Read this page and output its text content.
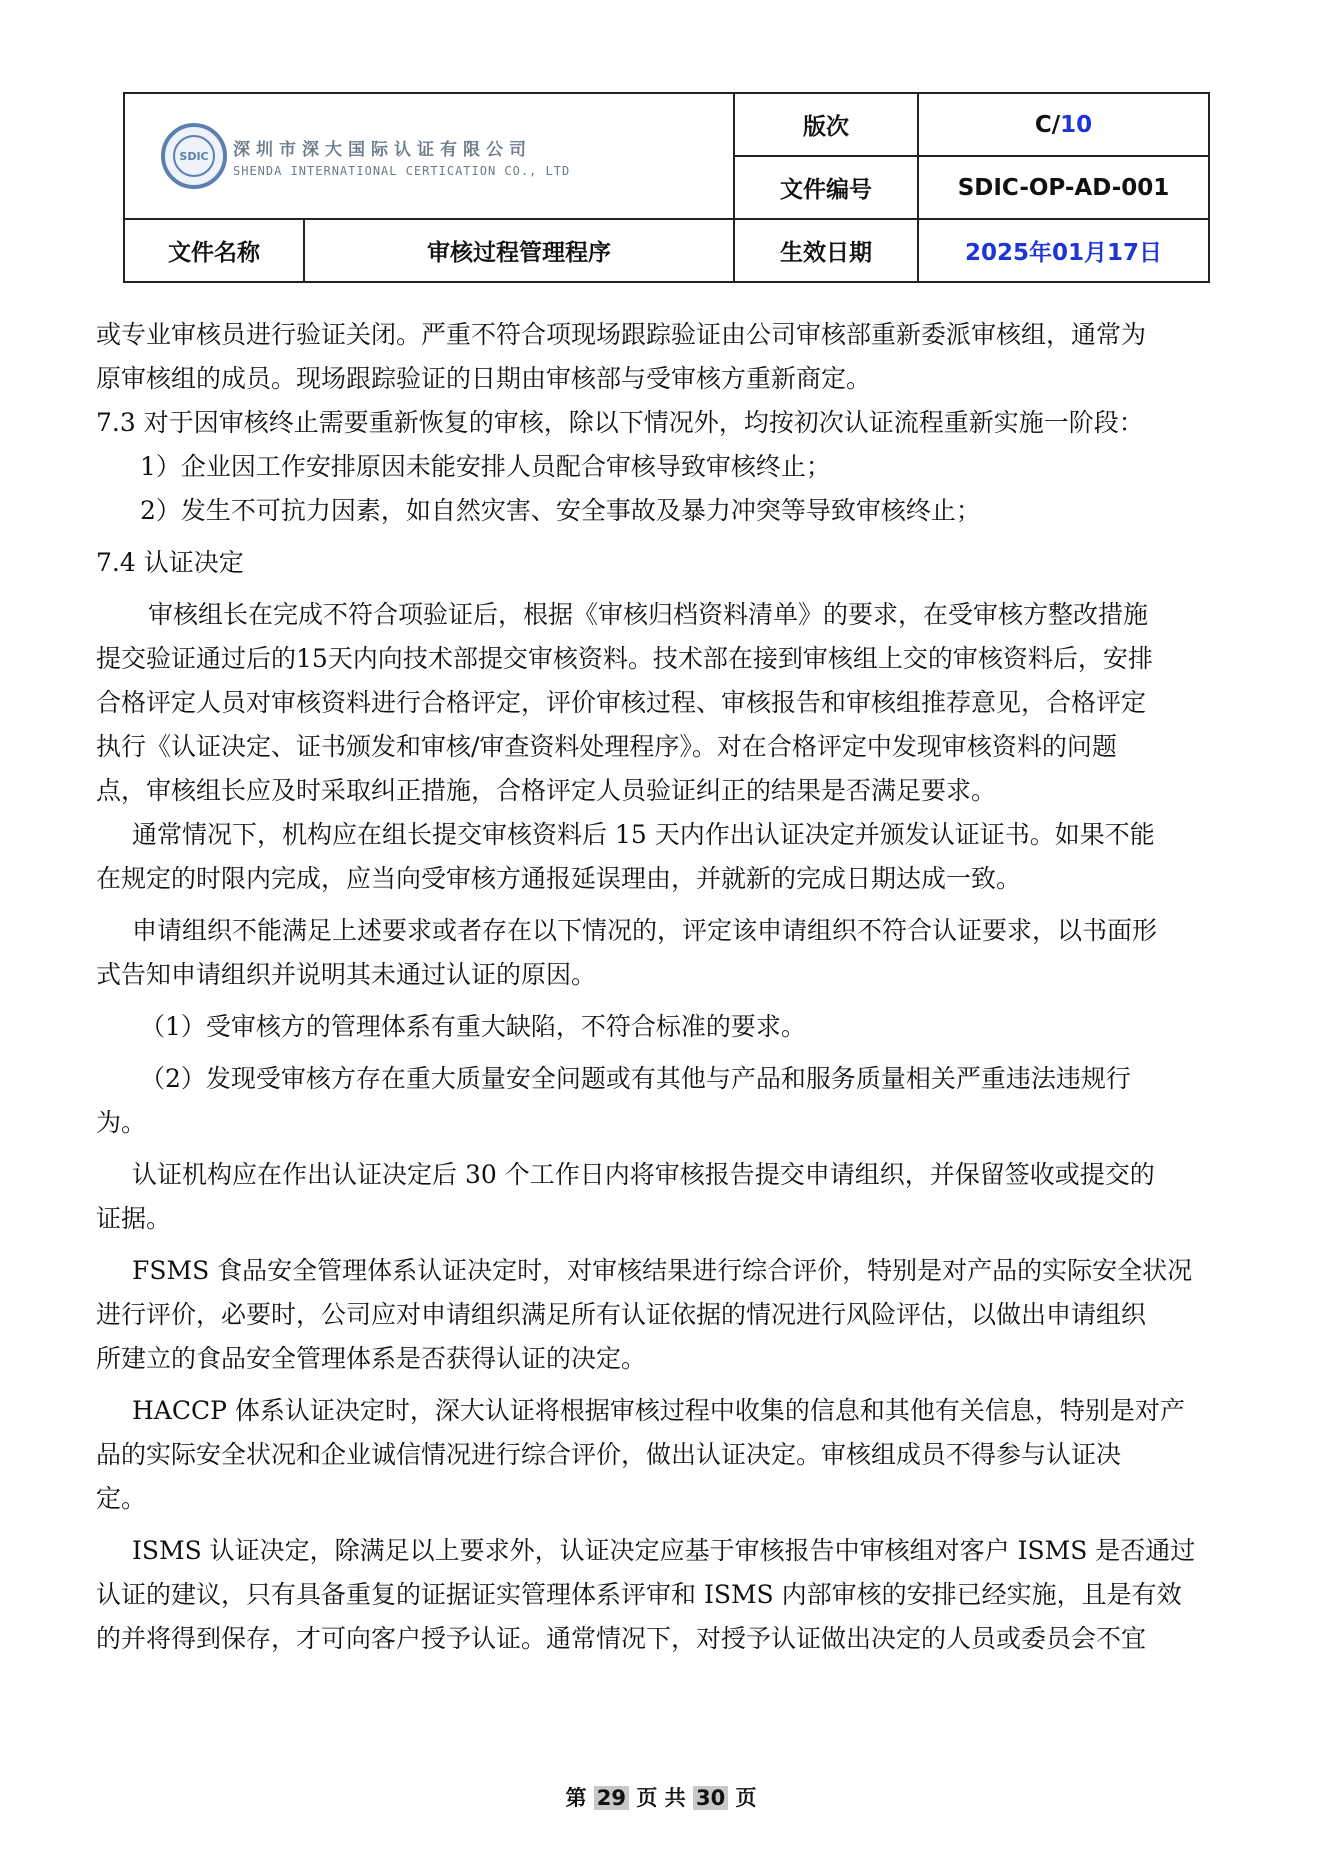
SDIC 深圳市深大国际认证有限公司
SHENDA INTERNATIONAL CERTICATION CO., LTD		版次	C/10
		文件编号	SDIC-OP-AD-001
文件名称	审核过程管理程序	生效日期	2025年01月17日

或专业审核员进行验证关闭。严重不符合项现场跟踪验证由公司审核部重新委派审核组，通常为

原审核组的成员。现场跟踪验证的日期由审核部与受审核方重新商定。

7.3 对于因审核终止需要重新恢复的审核，除以下情况外，均按初次认证流程重新实施一阶段：

1）企业因工作安排原因未能安排人员配合审核导致审核终止；

2）发生不可抗力因素，如自然灾害、安全事故及暴力冲突等导致审核终止；

7.4 认证决定

审核组长在完成不符合项验证后，根据《审核归档资料清单》的要求，在受审核方整改措施

提交验证通过后的15天内向技术部提交审核资料。技术部在接到审核组上交的审核资料后，安排

合格评定人员对审核资料进行合格评定，评价审核过程、审核报告和审核组推荐意见，合格评定

执行《认证决定、证书颁发和审核/审查资料处理程序》。对在合格评定中发现审核资料的问题

点，审核组长应及时采取纠正措施，合格评定人员验证纠正的结果是否满足要求。

通常情况下，机构应在组长提交审核资料后 15 天内作出认证决定并颁发认证证书。如果不能

在规定的时限内完成，应当向受审核方通报延误理由，并就新的完成日期达成一致。

申请组织不能满足上述要求或者存在以下情况的，评定该申请组织不符合认证要求，以书面形

式告知申请组织并说明其未通过认证的原因。

（1）受审核方的管理体系有重大缺陷，不符合标准的要求。

（2）发现受审核方存在重大质量安全问题或有其他与产品和服务质量相关严重违法违规行

为。

认证机构应在作出认证决定后 30 个工作日内将审核报告提交申请组织，并保留签收或提交的

证据。

FSMS 食品安全管理体系认证决定时，对审核结果进行综合评价，特别是对产品的实际安全状况

进行评价，必要时，公司应对申请组织满足所有认证依据的情况进行风险评估，以做出申请组织

所建立的食品安全管理体系是否获得认证的决定。

HACCP 体系认证决定时，深大认证将根据审核过程中收集的信息和其他有关信息，特别是对产

品的实际安全状况和企业诚信情况进行综合评价，做出认证决定。审核组成员不得参与认证决

定。

ISMS 认证决定，除满足以上要求外，认证决定应基于审核报告中审核组对客户 ISMS 是否通过

认证的建议，只有具备重复的证据证实管理体系评审和 ISMS 内部审核的安排已经实施，且是有效

的并将得到保存，才可向客户授予认证。通常情况下，对授予认证做出决定的人员或委员会不宜

第 29 页 共 30 页
